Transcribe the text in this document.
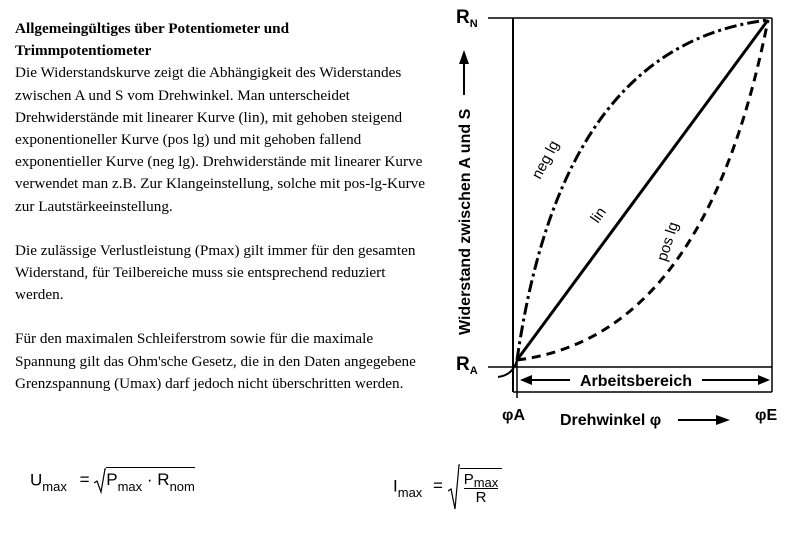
Allgemeingültiges über Potentiometer und Trimmpotentiometer

Die Widerstandskurve zeigt die Abhängigkeit des Widerstandes zwischen A und S vom Drehwinkel. Man unterscheidet Drehwiderstände mit linearer Kurve (lin), mit gehoben steigend exponentioneller Kurve (pos lg) und mit gehoben fallend exponentieller Kurve (neg lg). Drehwiderstände mit linearer Kurve verwendet man z.B. Zur Klangeinstellung, solche mit pos-lg-Kurve zur Lautstärkeeinstellung.

Die zulässige Verlustleistung (Pmax) gilt immer für den gesamten Widerstand, für Teilbereiche muss sie entsprechend reduziert werden.

Für den maximalen Schleiferstrom sowie für die maximale Spannung gilt das Ohm'sche Gesetz, die in den Daten angegebene Grenzspannung (Umax) darf jedoch nicht überschritten werden.

neg lg
lin
pos lg
$R_N$
$R_A$
Widerstand zwischen A und S
Arbeitsbereich
φA	φE
Drehwinkel φ
$U_{max} = P_{max} \cdot R_{nom}$	$I_{max} = Pmax$
R
